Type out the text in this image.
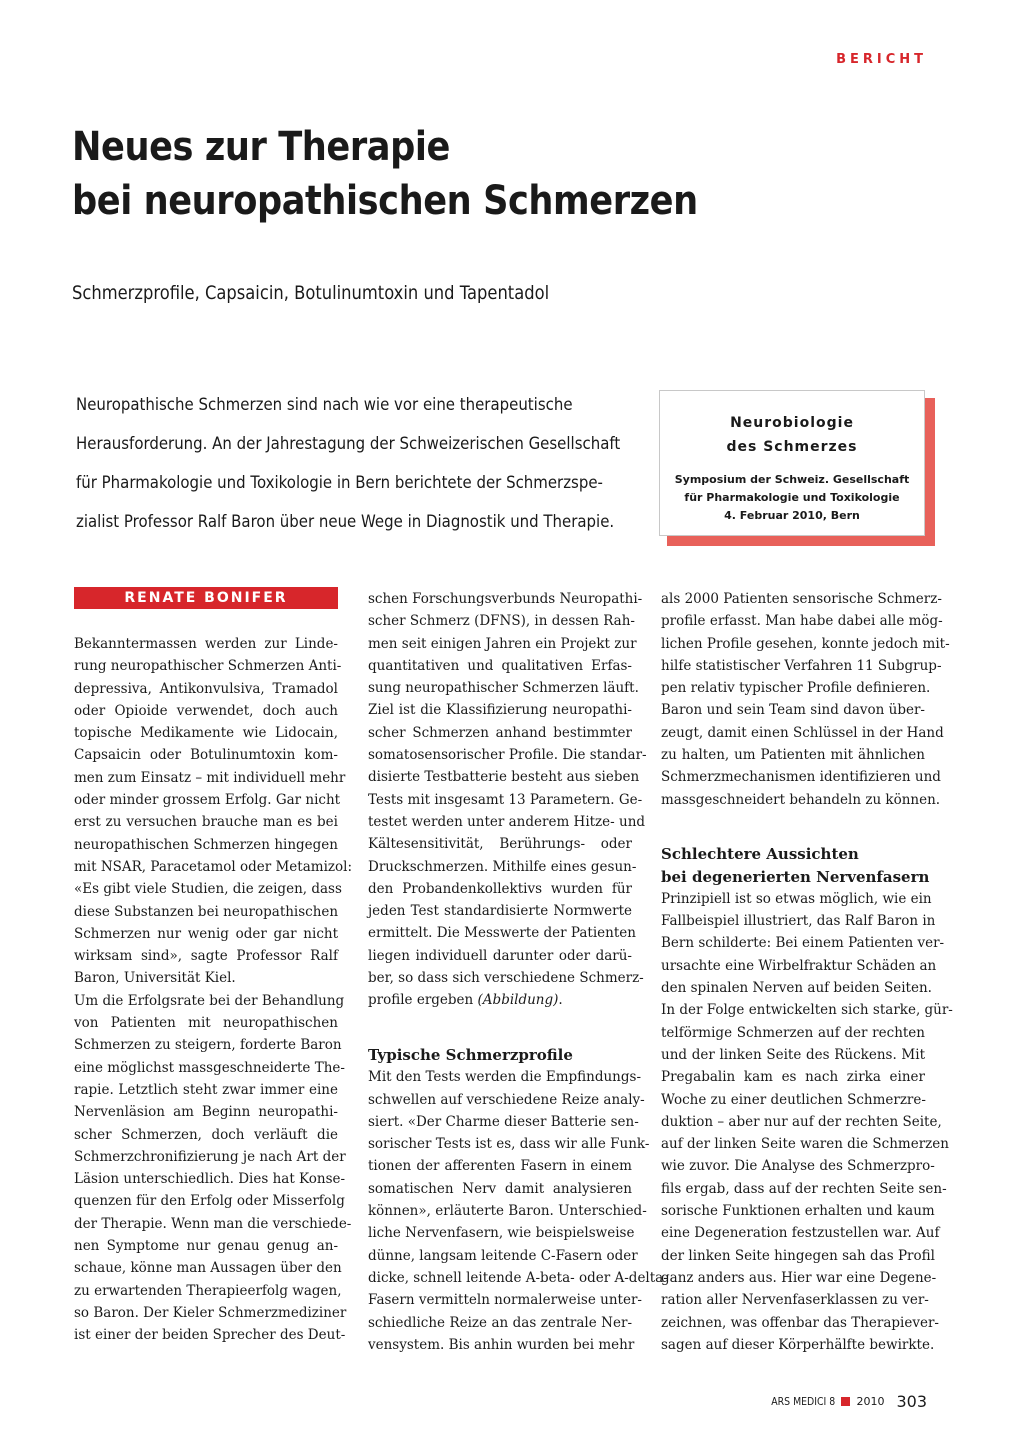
BERICHT
Neues zur Therapie
bei neuropathischen Schmerzen
Schmerzprofile, Capsaicin, Botulinumtoxin und Tapentadol
Neuropathische Schmerzen sind nach wie vor eine therapeutische
Herausforderung. An der Jahrestagung der Schweizerischen Gesellschaft
für Pharmakologie und Toxikologie in Bern berichtete der Schmerzspe-
zialist Professor Ralf Baron über neue Wege in Diagnostik und Therapie.
Neurobiologie
des Schmerzes
Symposium der Schweiz. Gesellschaft
für Pharmakologie und Toxikologie
4. Februar 2010, Bern
RENATE BONIFER
Bekanntermassen werden zur Linde-
rung neuropathischer Schmerzen Anti-
depressiva, Antikonvulsiva, Tramadol
oder Opioide verwendet, doch auch
topische Medikamente wie Lidocain,
Capsaicin oder Botulinumtoxin kom-
men zum Einsatz – mit individuell mehr
oder minder grossem Erfolg. Gar nicht
erst zu versuchen brauche man es bei
neuropathischen Schmerzen hingegen
mit NSAR, Paracetamol oder Metamizol:
«Es gibt viele Studien, die zeigen, dass
diese Substanzen bei neuropathischen
Schmerzen nur wenig oder gar nicht
wirksam sind», sagte Professor Ralf
Baron, Universität Kiel.
Um die Erfolgsrate bei der Behandlung
von Patienten mit neuropathischen
Schmerzen zu steigern, forderte Baron
eine möglichst massgeschneiderte The-
rapie. Letztlich steht zwar immer eine
Nervenläsion am Beginn neuropathi-
scher Schmerzen, doch verläuft die
Schmerzchronifizierung je nach Art der
Läsion unterschiedlich. Dies hat Konse-
quenzen für den Erfolg oder Misserfolg
der Therapie. Wenn man die verschiede-
nen Symptome nur genau genug an-
schaue, könne man Aussagen über den
zu erwartenden Therapieerfolg wagen,
so Baron. Der Kieler Schmerzmediziner
ist einer der beiden Sprecher des Deut-
schen Forschungsverbunds Neuropathi-
scher Schmerz (DFNS), in dessen Rah-
men seit einigen Jahren ein Projekt zur
quantitativen und qualitativen Erfas-
sung neuropathischer Schmerzen läuft.
Ziel ist die Klassifizierung neuropathi-
scher Schmerzen anhand bestimmter
somatosensorischer Profile. Die standar-
disierte Testbatterie besteht aus sieben
Tests mit insgesamt 13 Parametern. Ge-
testet werden unter anderem Hitze- und
Kältesensitivität, Berührungs- oder
Druckschmerzen. Mithilfe eines gesun-
den Probandenkollektivs wurden für
jeden Test standardisierte Normwerte
ermittelt. Die Messwerte der Patienten
liegen individuell darunter oder darü-
ber, so dass sich verschiedene Schmerz-
profile ergeben (Abbildung).
Typische Schmerzprofile
Mit den Tests werden die Empfindungs-
schwellen auf verschiedene Reize analy-
siert. «Der Charme dieser Batterie sen-
sorischer Tests ist es, dass wir alle Funk-
tionen der afferenten Fasern in einem
somatischen Nerv damit analysieren
können», erläuterte Baron. Unterschied-
liche Nervenfasern, wie beispielsweise
dünne, langsam leitende C-Fasern oder
dicke, schnell leitende A-beta- oder A-delta-
Fasern vermitteln normalerweise unter-
schiedliche Reize an das zentrale Ner-
vensystem. Bis anhin wurden bei mehr
als 2000 Patienten sensorische Schmerz-
profile erfasst. Man habe dabei alle mög-
lichen Profile gesehen, konnte jedoch mit-
hilfe statistischer Verfahren 11 Subgrup-
pen relativ typischer Profile definieren.
Baron und sein Team sind davon über-
zeugt, damit einen Schlüssel in der Hand
zu halten, um Patienten mit ähnlichen
Schmerzmechanismen identifizieren und
massgeschneidert behandeln zu können.
Schlechtere Aussichten
bei degenerierten Nervenfasern
Prinzipiell ist so etwas möglich, wie ein
Fallbeispiel illustriert, das Ralf Baron in
Bern schilderte: Bei einem Patienten ver-
ursachte eine Wirbelfraktur Schäden an
den spinalen Nerven auf beiden Seiten.
In der Folge entwickelten sich starke, gür-
telförmige Schmerzen auf der rechten
und der linken Seite des Rückens. Mit
Pregabalin kam es nach zirka einer
Woche zu einer deutlichen Schmerzre-
duktion – aber nur auf der rechten Seite,
auf der linken Seite waren die Schmerzen
wie zuvor. Die Analyse des Schmerzpro-
fils ergab, dass auf der rechten Seite sen-
sorische Funktionen erhalten und kaum
eine Degeneration festzustellen war. Auf
der linken Seite hingegen sah das Profil
ganz anders aus. Hier war eine Degene-
ration aller Nervenfaserklassen zu ver-
zeichnen, was offenbar das Therapiever-
sagen auf dieser Körperhälfte bewirkte.
ARS MEDICI 8 2010 303
